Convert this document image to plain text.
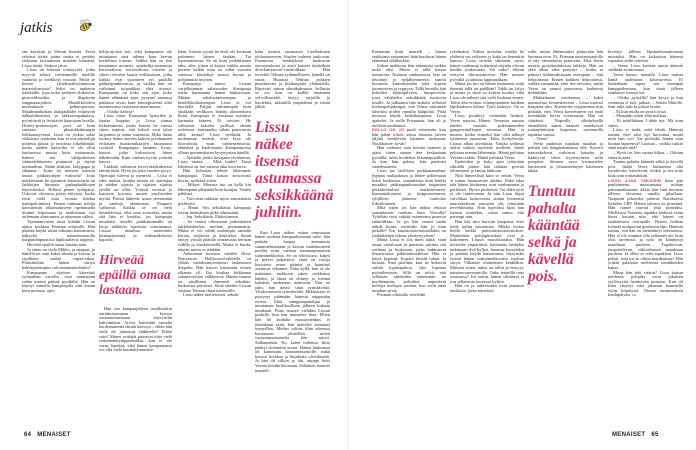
jatkis

ran käytöstä ja Veeran ilmeitä. Veera selvästi tietää jotain mutta ei pettäisi siskoaan luottamusta mistään hinnasta, Lissu tietää. Siskosi jaloa.

Lissu on lukenut teiniytyötä, jotka myyvät seksiä varhemmille mielille vaatteita ja meikkejä vastaan. Mistä se kertoo – yliseksualisoituneesta materialismista? Seksi on tunkenut kaikkialle, jopa koko perheen elokuviin, piirrosfilmeihin ja iltapäivän saippuasarjoihin. Musiikkivideot muistuttavat pehmopornoa. Maailmanluokan laulajatähdet esiintyvät nahkabikineissä ja takkoissapukuissa, pyörittävät ja levittävät haarojaan lavalla. Disney-prinsessojen povi on kuin suoraan plastiikkakirurgin leikkaussyvöstä. Lissu on joskus salaa vilkaissut tyttärään kun tv:ssä näyttelijät poljesta pintaa ja erootista liikehdintää, mutta näiden kasvoilta ei ole ollut luettavissa muuta kuin turtumusta, kaiken sen vähäpukeisen vääntelehtimisen pitämistä jo täysin normaalina. Nämä shakirat, ladygagat ja rihannat... Kuka loi miesten märistä unista pläkutyttöjen esikuvia? Joita matkiessaan he ajautuvat kaomiviarin tai farkkujen hinnasta paskapiäukkojen käytettäviksi. Hillmit pienet tyttöparat. Uskovat olevansa jotain erityistä, koska eivät vielä osaa erottaa ihailua manipuloinnista. Ennen vanhaan tyttöjä kasvatettiin alkuinumiseen opettamalla niinmä leipomaan ja neulomaan, nyt airlemaan alastomina ja ottamaan suihin.

Tajunnanvirran tässä kohdin Lissun ajatus keskkaa Prisman edustalle. Hän päättää käydä töistä tultuaan katsomassa, näkyykö naistenosastolla burgundinpunaisia läpikuultavia toppeja.

Hirveää epäillä omaa lastaan näin.

Ja sitten on vielä Mikko, ja naapuri, ja hänellä on vain kaksi silmää ja korvaa ja rajallinen määrä vapaa-aikaa. Pitäisiköhän hänen siirtyä kehittyneempiin valvontamenetelmiin?

Kampaamo sijaitsee kätevästi työmatkan varrella, vain muutaman sadan metrin päässä pysäkiltä. Hän on käynyt samalla kampaajalla niin kauan kuin muistaa, opis-

kelija-ajoista asti, eikä kampaamo ole muuttanut sinä aikana kuin kerran korttelista toiseen. Vaikka hän on itse muuttanut monesti, opiskelija-asunnosta kerrostaloon, kerrostalosta toiseen ja sitten rivitalon kautta erillistaloon, jotka kaikki ovat sijainneet eri puolilla pääkaupunkiseutua, ja vaikka hän on vaihtanut työpaikkaa yhtä useasti. Kampaamo on koko sen ajan, koko hänen elämänsä ajan, pysynyt samassa paikassa aivan kuin kiintopisteenä alati muuttuvassa sisäisessä maailmassa.

– Otatko kahvia?

Lissu ottaa. Kampaaja hymyilee ja kaataa kuppiin, ja Lissu siunaa kirkonmiestä, jonka kanssa he vuosia sitten sopivat, että kahvit ovat talon tarjoamia ja sama vastaavat. Mikä ihana tuoksu, ihana tuoreen kahvin ja tuhansien erilaisten hiuskemikaalien huumaava cocktail. Kampaajan lämmin hymy, kasvot, jotka kirkastuvat hänet nähdessään. Kuin vanhan hyvän ystävän kasvot.

Lääkärit vaihtuvat terveyskeskuksessa tämän tästä. Hyvä jos joka vuoden pysyy. Opettajat tulevat ja menevät – Lissu ei edes muista, kuinka monta eri opettajaa ja näiden sijaista ja sijaisen sijaista tytöllä on ollut. Ystävät eroavat ja katoavat kuvasta uusien puolisoiden myötä. Pomot lähtevät, uusia ylennetään ja vanhoja alennetaan. Naapurit vaihtuvat. Kaikki se on vielä kestettävissä, eikä oma aviorakin, mutta sitä hän ei kestäisi, jos kampaaja muuttaisi toiselle paikkakunnalle tai luoja nähköön lopettaisi toimintansa. Lissun maailma menettäisi kiintopisteensä ja todennäköisesti hajoaisi.

Hirveää epäillä omaa lastaan.

Hän suo kampaajalleen tavallistakin aurinkoisemman hymyn vastaanottaessaan höyryävän kahvimukin. Arvioi kuitenkin samalla huolestuneena tämän kasvoja – eihän hän vielä ole jäämässä eläkkeelle? Eihän vain? Monet yrittäjät painavat töitä vielä seitsemänkymppisenäkin, kun ei ole varaa lopettaa, eikä hänen kampaajansa voi olla vielä kuuttakymmentä-

kään. Jostain syystä he eivät ole koskaan puhuneet hänen iästään. Tai lopettamisesta. Se on kuin jonkinlainen tabu, aihe, johon ei kajota vaikka muuta pörtein kaikki muu on tullut vuosien saatossa käsiteltyä monta kertaa ja pohjamutia myöten.

Kampaaja tuntee Lissun varjelluimmat salaisuudet. Kampaaja tietää harmaanta hänen hiuksissaan. Mitään arkaluonteisempaa ja henkilökohtaisempaa Lissu ei voi kuvitella. Paljon intiimimpää kuin yksikään verkkoon ladattu alastonkuva ikinä. Kampaaja ei koskaan mainitse harmaita ääneen. Ei tarvitse. He vaihtavat katseita peilissä tämän todetessa: laitetaanko vähän punertavaa tällä kertaa? Lissu nyökkää. Ja molemmat tietävät, ettei kyse ole hiusväristä, vaan vanhenemisesta, elämästä ja kuolemasta. Kampaamossa ollaan perimmäisten kysymysten äärellä.

– Ajattelin jotain huvajaan vivahtavaa, Lissu vastaa. – Mitä luulet? Tässä lehdessä on itse asiassa aika kiva kuva.

Hän kohottaa lehteä lähemmäs kampaajaa. Tämä katsoo arvioivasti kuvaa, nyökkää sitten.

– Mikset. Minusta tuo on kyllä kin lähempänä pähkinää kuin burajaa. Vaalea pähkinä.

– Toivoisin tukkaan myös samanlaista pörheyttä.

– Hmm. Siis seksikästä, kampaaja toteaa tietäväinen pilke silmissään.

– Jep. Seksikästä. Ehdottomasti.

– Se vaatisi oikeastaan jonkinlaisen tukkikäsittelyn, mieluin permanentin. Mutta ei voi tehdä molempia samalla kertaa, värjäystä ja käsittelyä. Sinun täytyy yrittää päättää seuraavaan kertaan rullilla ja hiuskiinteällä. Mutta ei hurda, näytän miten se tehdään.

Aukeaman kuvassa säteilee Drew Barrymore. Hollywood-tähdellä on yllään vartalonmyötäisesti laskeutuva iltapuku. Hän katsoo kameraan toinen olkansa yli. Iho kuultaa kirkkaana salamavalojen välkkeessä. Hänen suunsa on aistillinen, ilmeensä seksikäs, hiuksensa pörröiset. Siinä säteilee Lissun vastaus Telman chaaristerontille.

Lissu näkee tuetietoisen, seksik-

kään itsensä astumassa Lindholmien olohuoneeseen. Kuulee puheen taukovan. Puotumon henkäyksen huokuvan vierasjoukosta ja aistii katseet täydellisiä drewbarrymore-vartaloillaan. Hän tervehtii Telmaa sydämellisesti, hänellä on varaa. Huomaa Telman poskien punoittavan ja hikikarpalot ylähuulella. Ripsiväri suturu silmäkulmassa. Sellaista se on, kun on kaikki emännän velvollisuudet, täytyy tarjoilla ja huolehtia, säästäillä ympärilnsä ja siistiä jälkiä.

Lissu näkee itsensä astumassa seksikkäänä juhliin.

Kun Lissu näkee, miten onnistunut hänen uudesta kampauksestaan tulee, hän päättää luopua aiemmasta suunnitelmastaan ja kaivaa vaatehuoneen perältä esiin vanhan tummanpunaisen satiinimekkonsa. Se on tyköistuva, kapea ja polvet paljastava, siinä on ristoja koristava avara pääntie ja kauniisti asettuvat olkaimet. Paha kyllä, hän ei ole mahtunut mekkoon sitten serkkunsa häiden, ja tämä on ehtinyt jo mennä kahdesti uudestaan naimisiin. Niin tai näin, hän näytti siinä tyrmäävältä. Yksikertaisesti tyrmäävältä. Mikkokaan ei pystynyt pitämään hänestä näppejään erossa. Eikä samppanjamaljan ja muutaman boolilasillisen jälkeen kukaan muukaan. Puna nousee vieläkin Lissun poskille, kun hän muistelee iltaa. Miten hän löi laudalta morsiamenkin, ei tietenkään saini, hän ajattelee autuaasti hymyillen. Miehet tulivat illan edetessä kertomaan yksitellen, miten vastustamattomalta hän näytti. Sulhanenkin. No, kuten todettua, liitto päättyi sittemmin eroon. Hänen hiuksensa oli kammattu banaanimuotoille, mikä korosti hoikkaa ja linjakasta yleisilmettä. Ja hän oli silloin jo äiti, anoppi hoiti Veeraa heidän kotonaan. Sellainen huomio imarteli.

64 MENAISET

Enemmän kuin imarteli – hänen serkkunsa epäonniset häät kuuluvat hänen elämänsä tähtihetkiin.

Siihen mekkoon hän ahtautuisi vaikka mikä olisi. Mutta ei tällä kertaa nutturoita. Nutturat vanhentavat, kun on täyttänyt jo neljäkymmentä, saavat huomion kiinnittymään joka arpeen juonteeseen ja ryppyyn. Tällä kerralla hän kokeilisi kiharapilveen, hiuspörröön, josta valahtelisi seksikkäitä suortuvia otsalle. Ja jalkaansa hän laittaisi sellaiset korkeapohjakengät, että Telma säärineen näyttäisi niiden rinnalla kääpiöltä. Pitää muistaa käydä kenkäkaupassa, Lissu ajattelee. Ja siellä Prismassa; hän oli jo melkein unohtanut.

KELLO ON JO puoli seitsemän, kun hän palaa töistä, astuu bussista talven jäljiltä heräilevän luonnon tuoksuun. Nuuhkaisee: kevät!

Hän vaihtaisi vain kotona vaatteet ja ajaisi sitten saman tien keskustaan pyörällä, tulisi hoidettua liikuntapuolikin. Ja kun hän palaisi, hän penkoisi vaatehuoneen.

Lissu juo lasillisen porkkanamehua, hyppää tuulipukuun ja lähtee polkemaan kohti keskustaa, samanlaista kuin kaikki muutkin pääkaupunkiseudun taajamien pikkukeskukset marketteineen, kunnantaloineen ja kirpputoreineen, tyhjilleen jääneine vanhoine liiketiloineen.

Mitä sitten jos hän näkisi rekissä samanlaisen tunikan kuin Veeralla? Tyttöhän voisi väittää ostaneensa puseron säästöillään. Ja jos hän vaatisi saada nähdä kuitin, menisikö hän jo liian pitkälle? Kai kuusitoistavuotiaallakin on jonkinlainen oikeus yksityisyyteen?

Mutta Lissu ei siis mieti näitä, vaan omaa vartaloaan ja punaista satiinia sen verhona ja hiuksiaan, jotka hulmuavat ilmavirrassa pähkinänvaaleina. Hän ei käytä kypärää. Kypärä litistää tukan. Ja hiostaa. Sinä päivänä, kun ne keksivät säätää kypäräpakon, hän lopettaa pyöräilemisen. Sillä on selvä, että sellainen säädetään ennemmin tai myöhemmin; poliitikot näpertävät kieltoja kieltojen perään, kun eivät enää muuhun pysty.

Prisman edustalla vetelehtii

rykelmänä. Vaikea arvioida, ovatko he yhdessä vai erikseen ja kuka on kenenkin kanssa. Lissu siristää silmiään, myös hänen vanhempi tyttärensä näyttää olevan heidän joukossaan. Vai onko? Silmät vettyvät tihrustamisesta. Hän nousee pyörältä ja taluttaa lappumaltaan.

Mutta jos tuo on hänen tyttärensä, mitä ihmettä tällä on päällään? Takki on lyhyt ja musta ja siinä on korkea kaulus, eikä Lissu ole nähnyt sitä vielä koskaan ennen. Takin alta erottuu viininpunainen tunikan läpikuultava helma. Tyttö kääntyy. On se Veera.

Lissu pysähtyy vetämään henkeä. Veera nauraa. Hänen Veeransa nauraa näiden mustiin pukeutuneiden gangsterinalkujen seurassa. Hän ei muista, koska viimeksi hän olisi nähnyt tyttärensä nauravan. Edes hymyilevän. Lissua alkaa arveluttaa. Vaikka sellaista onkin vaikea myöntää itselleen, häntä pelottaa mennä lähemmäs. Häntä pelottaa Veeran reaktio. Häntä pelottaa Veera.

Epäröiden ja koko ajan tyttärtään silmällä pitäen hän taluttaa pyörän telineeseen ja laittaa lukkoon.

Niin ihmeellistä kuin se onkin, Veera ei tunnu huomaavan äitiään. Ehkä siksi että hänen hiuksensa ovat vaaleammat ja pörhöiset. Hyvin pörhöiset. Tai ehkä tyttö ei ole tuntevinaan. Ja niin Lissu hiipii vaivihkaa kulsoovista sisään tyttärensä naureskelevan seurueen ohi, tyttärtään tervehtimättä. Niin typeräksi kuin hän itsensä tunteekin, vaisto sanoo, että parempi niin.

Hän käy niin harvoin kaupassa, ettei tiedä mihin suunnistaa. Mikko hoitaa heillä kaikki päivittäistavaraostokset. Markettien pohjapiirrokset ovat jo kadonneet Lissun muistikartalta. Hän hortoilee ympäriinsä, harhautuu hetkeksi tutkimaan dvd-hyllyä, huomaa kynsilakat ja päättää käydä katsomassa, löytyisikö rivistä hänen satiinimekkoonsa sopivaa sävyä. Vilkaisee ohimennen kenkiäkin. Muistaa sitten, miksi on tullut ja etsiytyy naistenvaateosastolle. Onko teineillä oma osastonsa? Jos onkin, hänen silmiinsä ei osu sellaisesta kertovaa kylttiä.

Hän on jo näkevinään rivin punaisia tunikoita, jotka näyttäisit

rulla, mutta lähemmäksi päästyään hän huomaa eron. Ei, Prisman naistenosastolla ei näy samanlaisia puseroita. Eikä lisein mustia pystykauluksisia takkeja. Hän on yhtä aikaa sekä pettynyt – koska ei päässyt tutkimuksissaan eteenpäin – että helpottunut. Ennen kaikkea helpottunut, vaikka ymmärtää, ettei itse arvoitus, mistä Veera on saanut puseronsa, kadonnut mihinkään.

Maksettuaan ostoksensa – kaksi maustettua kivennäisvettä – Lissu marssii kaupasta ulos. Kuvittelee viipyneensä niin pitkään, ettei Veera kavereineen voi enää mitenkään lorvia ovensuussa. Hän on väärässä. Nopealla silmäyksellä täsmälleen samat naamat malekoivat roskapönttöjen kupeessa, useimmilla tupakka suussa.

– Veera!

Veera pudottaa tupakan maahan ja peittää sen kengänkantansa alle. Kaverit naureskelevat, vaihtavat katseita ja kääntyvät sitten kyyristyneen selin poispäin. Sininen savu kiemurtelee hartioitten ja ylösnostettujen kaulusten takaa.

Tuntuu pahalta kääntää selkä ja kävellä pois.

kivettyy jälleen läpitunkemattomaan muotoksi. Hän on kiskaissut kätensä vapaaksi äidin otteesta.

– Veera, Lissu koettaa mutta äänestä särähtää avuttomuus.

Veera katsoo muualle. Lissu tarttuu häntä uudestaan käsivarresta. Ei kuitenkaan rupea sen enempää kamppailemaan, kun tämä jälleen riuhtaisee itsensä irti.

– Oletko pyörällä? hän kysyy ja kun vastausta ei tule, jatkaa: – Soitan Mikolle. Saat tulla isän kyydissä kotiin.

– Ei kun mulla on pyörä tossa.

– Mennään sitten yhtä matkaa.

– Ei todellakaan. Lähde nyt. Mä tuun sitten.

Lissu ei tiedä, mitä tehdä. Hänestä tuntuu, ettei saisi nyt luovuttaa, mutta mitä hän voi? Vai pitäisikö hänen vain luottaa lapseensa? Luottaa – vaikka tuskin enää tuntee tätä?

– Hyvä on, hän vastaa hiljaa. – Odotan sinua kotona.

Tuntuu pahalta kääntää selkä ja kävellä pois. Jättää Veera kulmiensa alta kyräilevän, kiroilevan, röökiä ja ties mitä kiskovan roskasakkiin.

LISSU AJAA TAKAISIN kuin pää pauhuneena, muistamatta mitään paluumatkastaan, äkkiä hän vain huomaa jälleen olevansa omalla pihallaan. Naapurin pihavalot palavat. Katoksessa kiiltelee CRV. Hänen talonsa on pimeänä. Hän tuntee itsensä yhtä pimeäksi. Mielikuva Veerasta tupakka kädessä vetää häset kasaan niin, että hänen on istahdettava ovirapulle. Betoni hohkaa kylmää tuulipuvun goretexin läpi. Hänestä tuntuu, että hän on menettänyt oikeutensa. Hän ei ole osannut olla sellainen äiti kuin olisi tarvinnut, ja tyttö on kääntynyt maailman puoleen. Tupakoivan, juopottelevan, väkivaltaisen maailman puoleen. Ja oliko se edes tupakkaa, Lissu pohtii, entä jos se olikin marihuanaa? Hän yrittää palauttaa mieleensä savukkeiden hajun.

Missä hän teki väärin? Lissu kaivaa mielensä pohjalta esiin jokaisen syyllisyyttä herättävän muiston. Kun oli liian väsynyt eikä jaksanut kuunnella tytön höpötystä. Tämän ensimmäisen koulupäivän, »»

MENAISET 65
